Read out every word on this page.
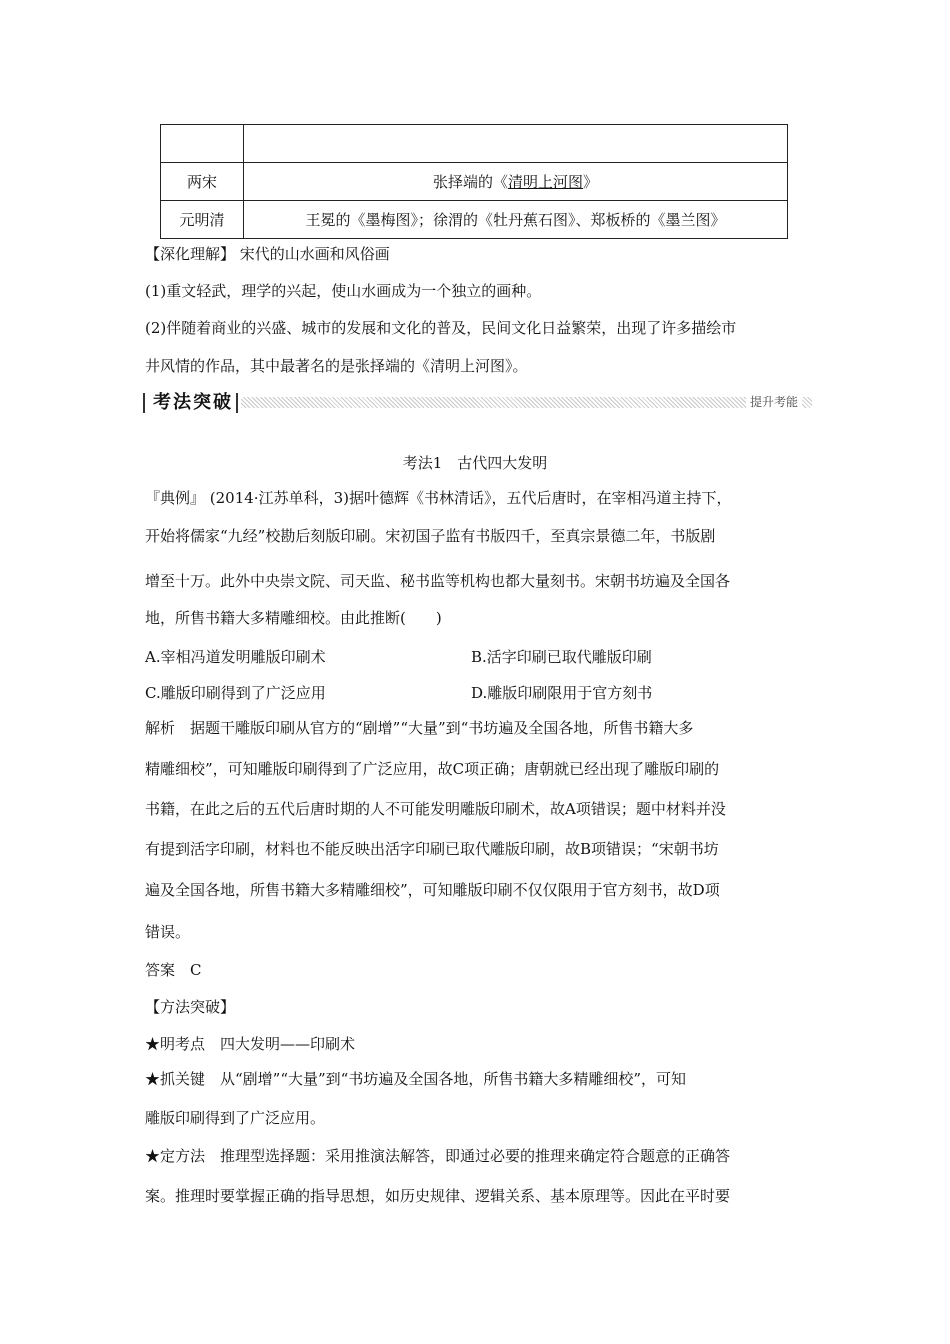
两宋	张择端的《清明上河图》
元明清	王冕的《墨梅图》；徐渭的《牡丹蕉石图》、郑板桥的《墨兰图》
【深化理解】 宋代的山水画和风俗画
(1)重文轻武，理学的兴起，使山水画成为一个独立的画种。
(2)伴随着商业的兴盛、城市的发展和文化的普及，民间文化日益繁荣，出现了许多描绘市
井风情的作品，其中最著名的是张择端的《清明上河图》。
考法突破	提升考能
考法1　古代四大发明
『典例』 (2014·江苏单科，3)据叶德辉《书林清话》，五代后唐时，在宰相冯道主持下，
开始将儒家“九经”校勘后刻版印刷。宋初国子监有书版四千，至真宗景德二年，书版剧
增至十万。此外中央崇文院、司天监、秘书监等机构也都大量刻书。宋朝书坊遍及全国各
地，所售书籍大多精雕细校。由此推断(　　)
A.宰相冯道发明雕版印刷术	B.活字印刷已取代雕版印刷
C.雕版印刷得到了广泛应用	D.雕版印刷限用于官方刻书
解析　据题干雕版印刷从官方的“剧增”“大量”到“书坊遍及全国各地，所售书籍大多
精雕细校”，可知雕版印刷得到了广泛应用，故C项正确；唐朝就已经出现了雕版印刷的
书籍，在此之后的五代后唐时期的人不可能发明雕版印刷术，故A项错误；题中材料并没
有提到活字印刷，材料也不能反映出活字印刷已取代雕版印刷，故B项错误；“宋朝书坊
遍及全国各地，所售书籍大多精雕细校”，可知雕版印刷不仅仅限用于官方刻书，故D项
错误。
答案　C
【方法突破】
★明考点　四大发明——印刷术
★抓关键　从“剧增”“大量”到“书坊遍及全国各地，所售书籍大多精雕细校”，可知
雕版印刷得到了广泛应用。
★定方法　推理型选择题：采用推演法解答，即通过必要的推理来确定符合题意的正确答
案。推理时要掌握正确的指导思想，如历史规律、逻辑关系、基本原理等。因此在平时要
